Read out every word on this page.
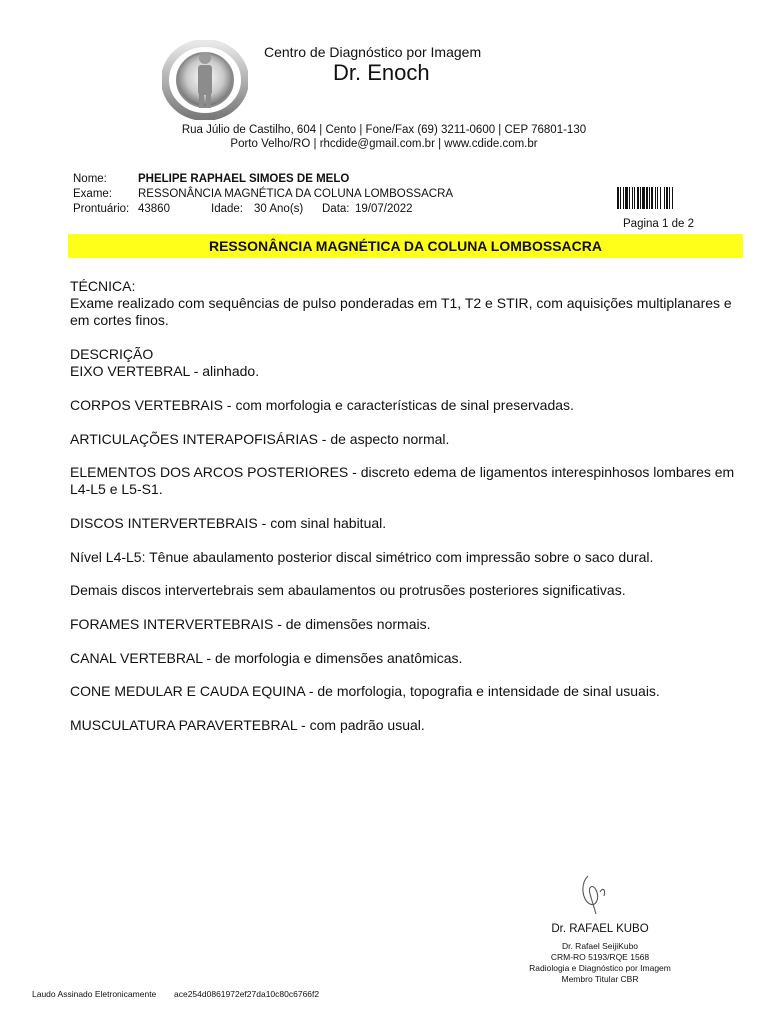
Centro de Diagnóstico por Imagem
Dr. Enoch
Rua Júlio de Castilho, 604 | Cento | Fone/Fax (69) 3211-0600 | CEP 76801-130
Porto Velho/RO | rhcdide@gmail.com.br | www.cdide.com.br
Nome:	PHELIPE RAPHAEL SIMOES DE MELO
Exame: RESSONÂNCIA MAGNÉTICA DA COLUNA LOMBOSSACRA
Prontuário: 43860	Idade: 30 Ano(s) Data: 19/07/2022
Pagina 1 de 2
RESSONÂNCIA MAGNÉTICA DA COLUNA LOMBOSSACRA
TÉCNICA:
Exame realizado com sequências de pulso ponderadas em T1, T2 e STIR, com aquisições multiplanares e em cortes finos.
DESCRIÇÃO
EIXO VERTEBRAL - alinhado.
CORPOS VERTEBRAIS - com morfologia e características de sinal preservadas.
ARTICULAÇÕES INTERAPOFISÁRIAS - de aspecto normal.
ELEMENTOS DOS ARCOS POSTERIORES - discreto edema de ligamentos interespinhosos lombares em L4-L5 e L5-S1.
DISCOS INTERVERTEBRAIS - com sinal habitual.
Nível L4-L5: Tênue abaulamento posterior discal simétrico com impressão sobre o saco dural.
Demais discos intervertebrais sem abaulamentos ou protrusões posteriores significativas.
FORAMES INTERVERTEBRAIS - de dimensões normais.
CANAL VERTEBRAL - de morfologia e dimensões anatômicas.
CONE MEDULAR E CAUDA EQUINA - de morfologia, topografia e intensidade de sinal usuais.
MUSCULATURA PARAVERTEBRAL - com padrão usual.
Dr. RAFAEL KUBO
Dr. Rafael SeijiKubo
CRM-RO 5193/RQE 1568
Radiologia e Diagnóstico por Imagem
Membro Titular CBR
Laudo Assinado Eletronicamente ace254d0861972ef27da10c80c6766f2
